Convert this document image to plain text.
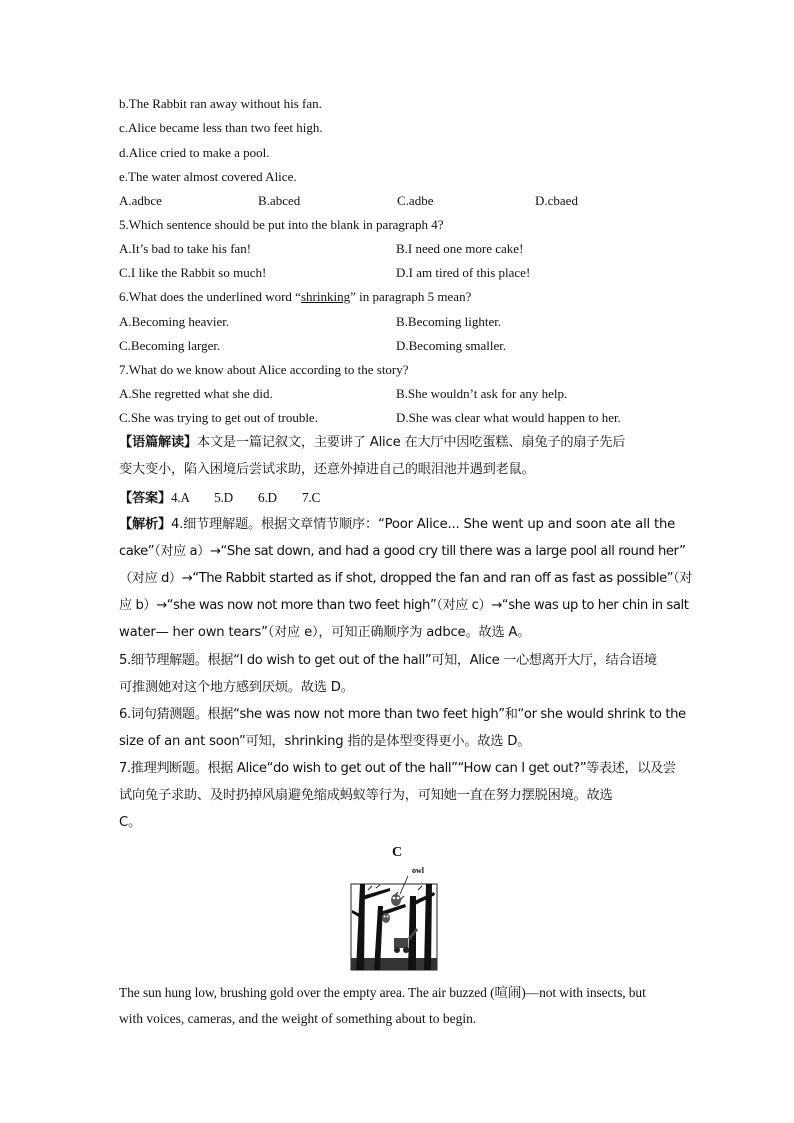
b.The Rabbit ran away without his fan.
c.Alice became less than two feet high.
d.Alice cried to make a pool.
e.The water almost covered Alice.
A.adbce	B.abced	C.adbe	D.cbaed
5.Which sentence should be put into the blank in paragraph 4?
A.It’s bad to take his fan!	B.I need one more cake!
C.I like the Rabbit so much!	D.I am tired of this place!
6.What does the underlined word “shrinking” in paragraph 5 mean?
A.Becoming heavier.	B.Becoming lighter.
C.Becoming larger.	D.Becoming smaller.
7.What do we know about Alice according to the story?
A.She regretted what she did.	B.She wouldn’t ask for any help.
C.She was trying to get out of trouble.	D.She was clear what would happen to her.
【语篇解读】本文是一篇记叙文，主要讲了 Alice 在大厅中因吃蛋糕、扇兔子的扇子先后
变大变小，陷入困境后尝试求助，还意外掉进自己的眼泪池并遇到老鼠。
【答案】4.A 5.D 6.D 7.C
【解析】4.细节理解题。根据文章情节顺序：“Poor Alice... She went up and soon ate all the
cake”（对应 a）→“She sat down, and had a good cry till there was a large pool all round her”
（对应 d）→“The Rabbit started as if shot, dropped the fan and ran off as fast as possible”（对
应 b）→“she was now not more than two feet high”（对应 c）→“she was up to her chin in salt
water— her own tears”（对应 e），可知正确顺序为 adbce。故选 A。
5.细节理解题。根据“I do wish to get out of the hall”可知，Alice 一心想离开大厅，结合语境
可推测她对这个地方感到厌烦。故选 D。
6.词句猜测题。根据“she was now not more than two feet high”和“or she would shrink to the
size of an ant soon”可知，shrinking 指的是体型变得更小。故选 D。
7.推理判断题。根据 Alice“do wish to get out of the hall”“How can I get out?”等表述，以及尝
试向兔子求助、及时扔掉风扇避免缩成蚂蚁等行为，可知她一直在努力摆脱困境。故选
C。
C
owl
The sun hung low, brushing gold over the empty area. The air buzzed (喧闹)—not with insects, but
with voices, cameras, and the weight of something about to begin.
